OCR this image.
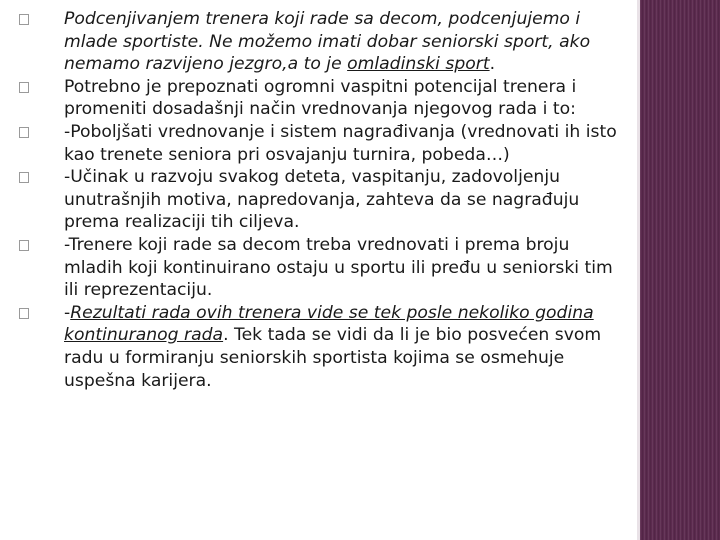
Podcenjivanjem trenera koji rade sa decom, podcenjujemo i mlade sportiste. Ne možemo imati dobar seniorski sport, ako nemamo razvijeno jezgro,a to je omladinski sport.
Potrebno je prepoznati ogromni vaspitni potencijal trenera i promeniti dosadašnji način vrednovanja njegovog rada i to:
-Poboljšati vrednovanje i sistem nagrađivanja (vrednovati ih isto kao trenete seniora pri osvajanju turnira, pobeda…)
-Učinak u razvoju svakog deteta, vaspitanju, zadovoljenju unutrašnjih motiva, napredovanja, zahteva da se nagrađuju prema realizaciji tih ciljeva.
-Trenere koji rade sa decom treba vrednovati i prema broju mladih koji kontinuirano ostaju u sportu ili pređu u seniorski tim ili reprezentaciju.
-Rezultati rada ovih trenera vide se tek posle nekoliko godina kontinuranog rada. Tek tada se vidi da li je bio posvećen svom radu u formiranju seniorskih sportista kojima se osmehuje uspešna karijera.
